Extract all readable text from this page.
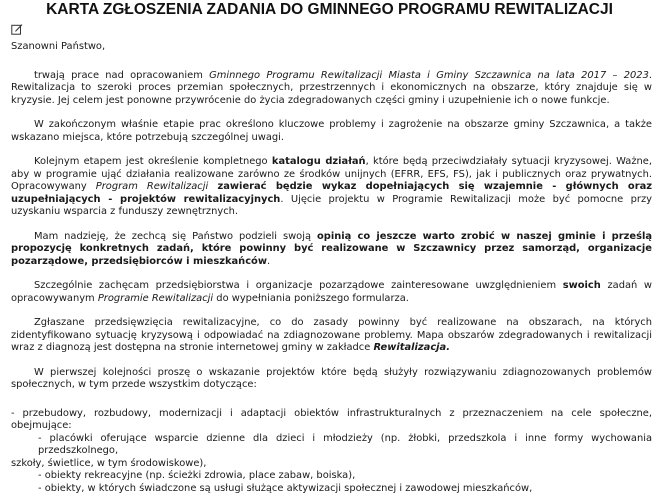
KARTA ZGŁOSZENIA ZADANIA DO GMINNEGO PROGRAMU REWITALIZACJI

Szanowni Państwo,

trwają prace nad opracowaniem Gminnego Programu Rewitalizacji Miasta i Gminy Szczawnica na lata 2017 – 2023. Rewitalizacja to szeroki proces przemian społecznych, przestrzennych i ekonomicznych na obszarze, który znajduje się w kryzysie. Jej celem jest ponowne przywrócenie do życia zdegradowanych części gminy i uzupełnienie ich o nowe funkcje.

W zakończonym właśnie etapie prac określono kluczowe problemy i zagrożenie na obszarze gminy Szczawnica, a także wskazano miejsca, które potrzebują szczególnej uwagi.

Kolejnym etapem jest określenie kompletnego katalogu działań, które będą przeciwdziałały sytuacji kryzysowej. Ważne, aby w programie ująć działania realizowane zarówno ze środków unijnych (EFRR, EFS, FS), jak i publicznych oraz prywatnych. Opracowywany Program Rewitalizacji zawierać będzie wykaz dopełniających się wzajemnie - głównych oraz uzupełniających - projektów rewitalizacyjnych. Ujęcie projektu w Programie Rewitalizacji może być pomocne przy uzyskaniu wsparcia z funduszy zewnętrznych.

Mam nadzieję, że zechcą się Państwo podzieli swoją opinią co jeszcze warto zrobić w naszej gminie i prześlą propozycję konkretnych zadań, które powinny być realizowane w Szczawnicy przez samorząd, organizacje pozarządowe, przedsiębiorców i mieszkańców.

Szczególnie zachęcam przedsiębiorstwa i organizacje pozarządowe zainteresowane uwzględnieniem swoich zadań w opracowywanym Programie Rewitalizacji do wypełniania poniższego formularza.

Zgłaszane przedsięwzięcia rewitalizacyjne, co do zasady powinny być realizowane na obszarach, na których zidentyfikowano sytuację kryzysową i odpowiadać na zdiagnozowane problemy. Mapa obszarów zdegradowanych i rewitalizacji wraz z diagnozą jest dostępna na stronie internetowej gminy w zakładce Rewitalizacja.

W pierwszej kolejności proszę o wskazanie projektów które będą służyły rozwiązywaniu zdiagnozowanych problemów społecznych, w tym przede wszystkim dotyczące:

- przebudowy, rozbudowy, modernizacji i adaptacji obiektów infrastrukturalnych z przeznaczeniem na cele społeczne, obejmujące:

- placówki oferujące wsparcie dzienne dla dzieci i młodzieży (np. żłobki, przedszkola i inne formy wychowania przedszkolnego,

szkoły, świetlice, w tym środowiskowe),

- obiekty rekreacyjne (np. ścieżki zdrowia, place zabaw, boiska),

- obiekty, w których świadczone są usługi służące aktywizacji społecznej i zawodowej mieszkańców,
